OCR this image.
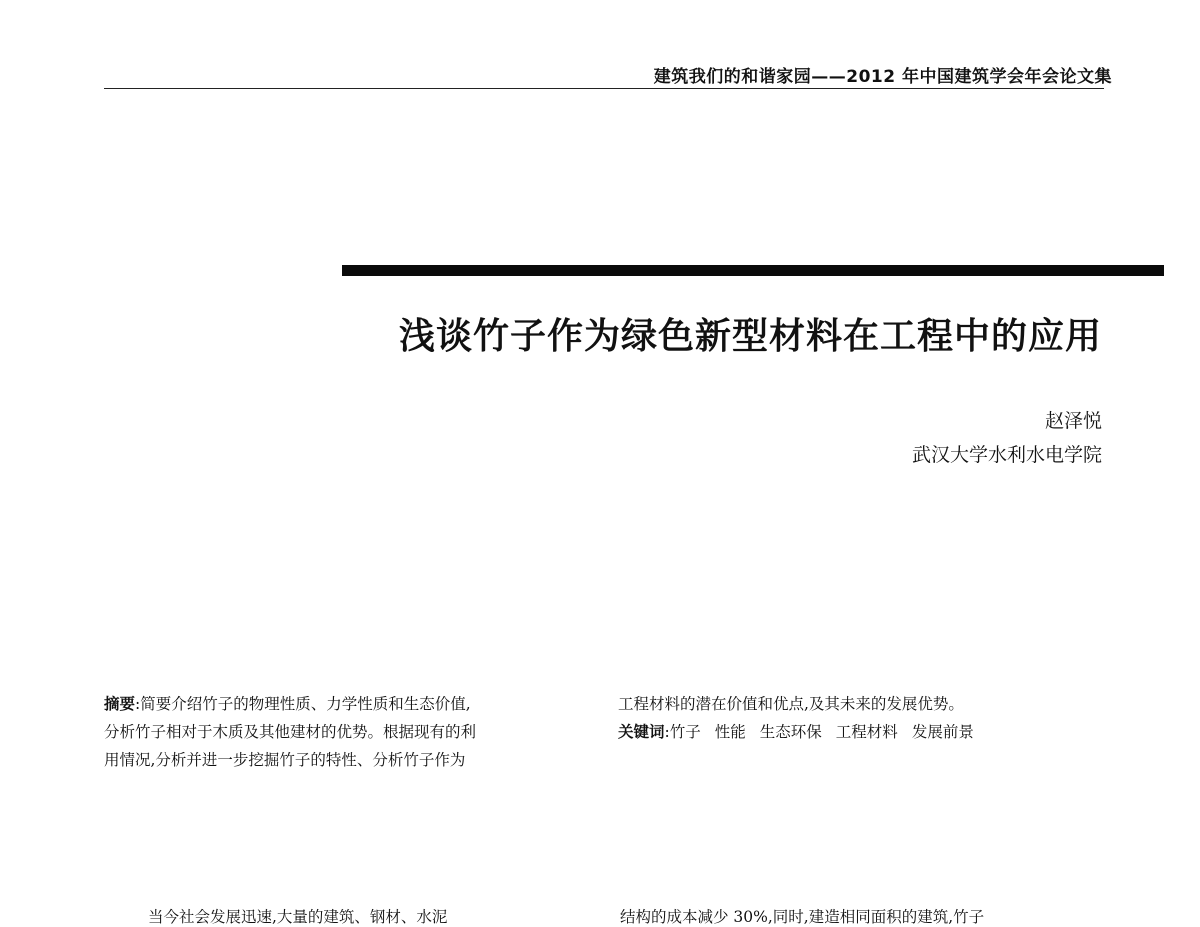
建筑我们的和谐家园——2012 年中国建筑学会年会论文集
浅谈竹子作为绿色新型材料在工程中的应用
赵泽悦
武汉大学水利水电学院
摘要:简要介绍竹子的物理性质、力学性质和生态价值,
分析竹子相对于木质及其他建材的优势。根据现有的利
用情况,分析并进一步挖掘竹子的特性、分析竹子作为
工程材料的潜在价值和优点,及其未来的发展优势。
关键词:竹子 性能 生态环保 工程材料 发展前景
当今社会发展迅速,大量的建筑、钢材、水泥	结构的成本减少 30%,同时,建造相同面积的建筑,竹子
